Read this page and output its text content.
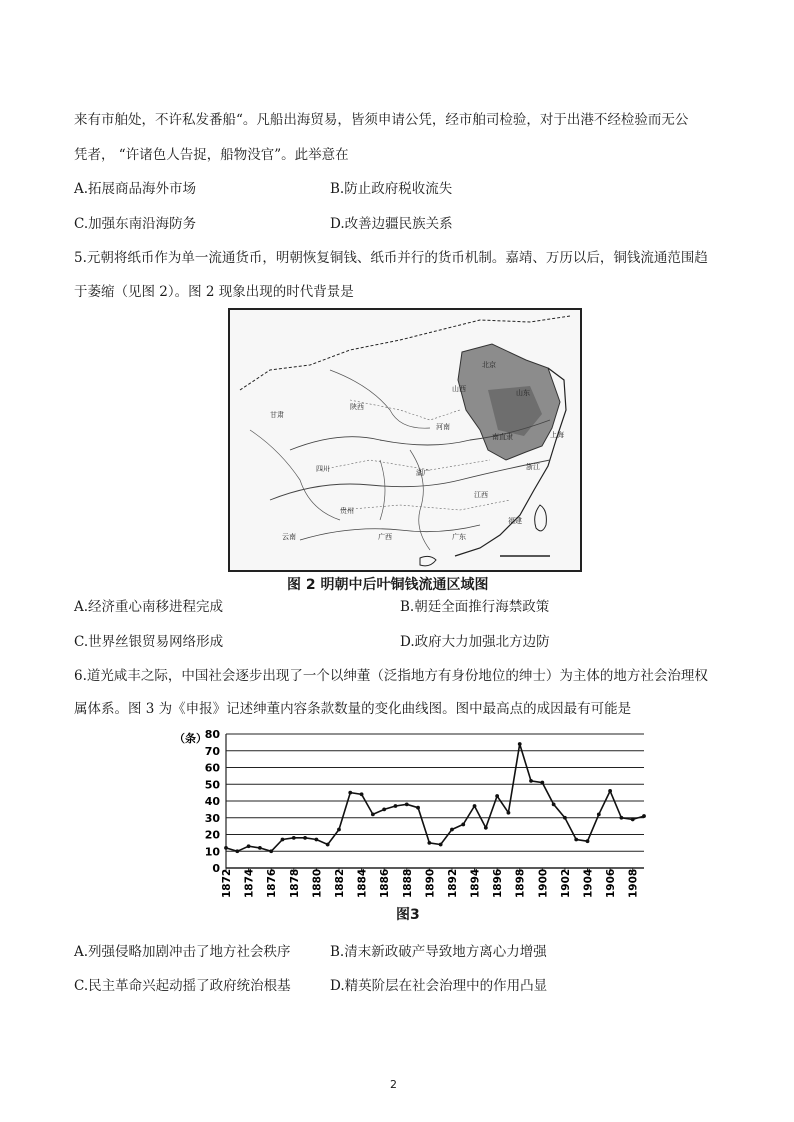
来有市舶处，不许私发番船“。凡船出海贸易，皆须申请公凭，经市舶司检验，对于出港不经检验而无公
凭者， “许诸色人告捉，船物没官”。此举意在
A.拓展商品海外市场	B.防止政府税收流失
C.加强东南沿海防务	D.改善边疆民族关系
5.元朝将纸币作为单一流通货币，明朝恢复铜钱、纸币并行的货币机制。嘉靖、万历以后，铜钱流通范围趋
于萎缩（见图 2）。图 2 现象出现的时代背景是
北京
山西	山东
河南
陕西
四川	湖广
江西
福建
广东
广西
云南
贵州
浙江
南直隶	上海
甘肃
图 2 明朝中后叶铜钱流通区域图
A.经济重心南移进程完成	B.朝廷全面推行海禁政策
C.世界丝银贸易网络形成	D.政府大力加强北方边防
6.道光咸丰之际，中国社会逐步出现了一个以绅董（泛指地方有身份地位的绅士）为主体的地方社会治理权
属体系。图 3 为《申报》记述绅董内容条款数量的变化曲线图。图中最高点的成因最有可能是
0
10
20
30
40
50
60
70
80
（条）
1872 1874 1876 1878 1880 1882 1884 1886 1888 1890 1892 1894 1896 1898 1900 1902 1904 1906 1908
图3
A.列强侵略加剧冲击了地方社会秩序	B.清末新政破产导致地方离心力增强
C.民主革命兴起动摇了政府统治根基	D.精英阶层在社会治理中的作用凸显
2
